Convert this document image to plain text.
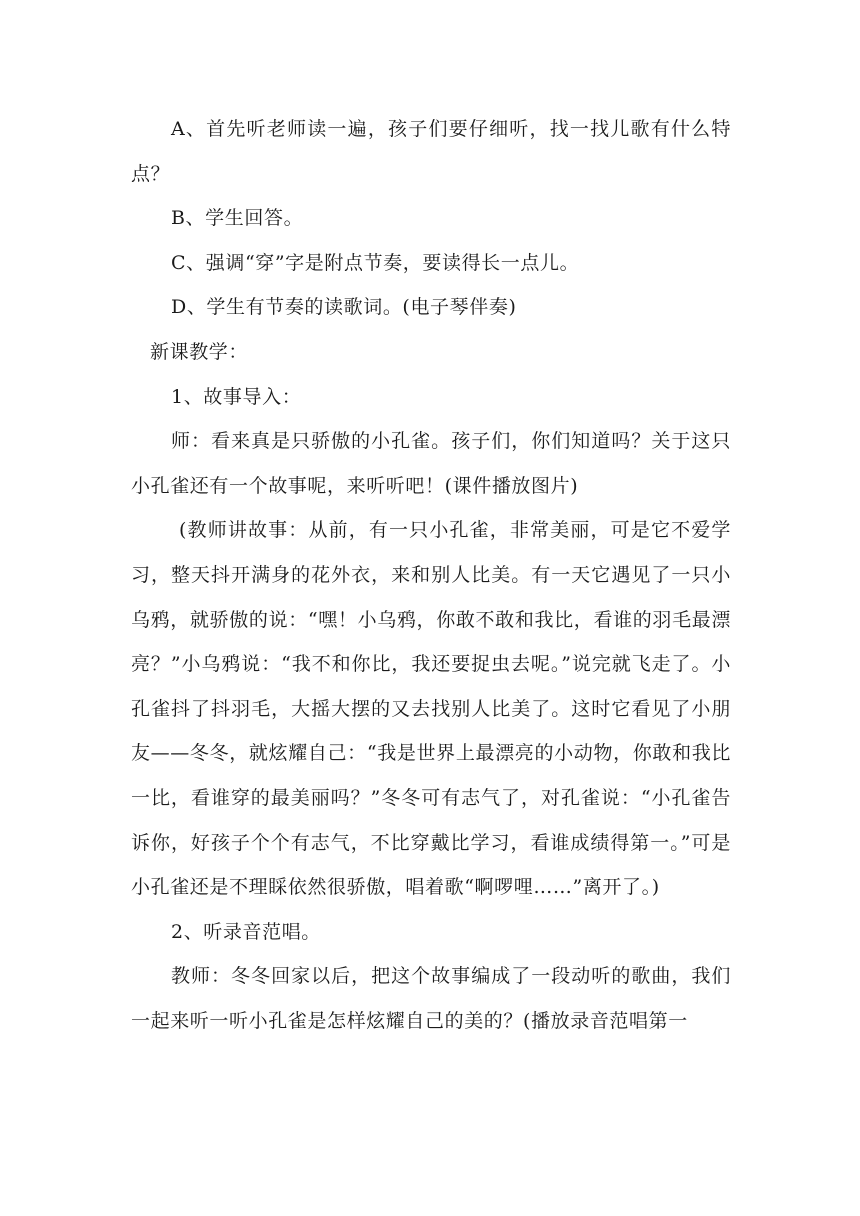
A、首先听老师读一遍，孩子们要仔细听，找一找儿歌有什么特点？

B、学生回答。

C、强调“穿”字是附点节奏，要读得长一点儿。

D、学生有节奏的读歌词。(电子琴伴奏)

新课教学：

1、故事导入：

师：看来真是只骄傲的小孔雀。孩子们，你们知道吗？关于这只小孔雀还有一个故事呢，来听听吧！(课件播放图片)

(教师讲故事：从前，有一只小孔雀，非常美丽，可是它不爱学习，整天抖开满身的花外衣，来和别人比美。有一天它遇见了一只小乌鸦，就骄傲的说：“嘿！小乌鸦，你敢不敢和我比，看谁的羽毛最漂亮？”小乌鸦说：“我不和你比，我还要捉虫去呢。”说完就飞走了。小孔雀抖了抖羽毛，大摇大摆的又去找别人比美了。这时它看见了小朋友——冬冬，就炫耀自己：“我是世界上最漂亮的小动物，你敢和我比一比，看谁穿的最美丽吗？”冬冬可有志气了，对孔雀说：“小孔雀告诉你，好孩子个个有志气，不比穿戴比学习，看谁成绩得第一。”可是小孔雀还是不理睬依然很骄傲，唱着歌“啊啰哩……”离开了。)

2、听录音范唱。

教师：冬冬回家以后，把这个故事编成了一段动听的歌曲，我们一起来听一听小孔雀是怎样炫耀自己的美的？(播放录音范唱第一
